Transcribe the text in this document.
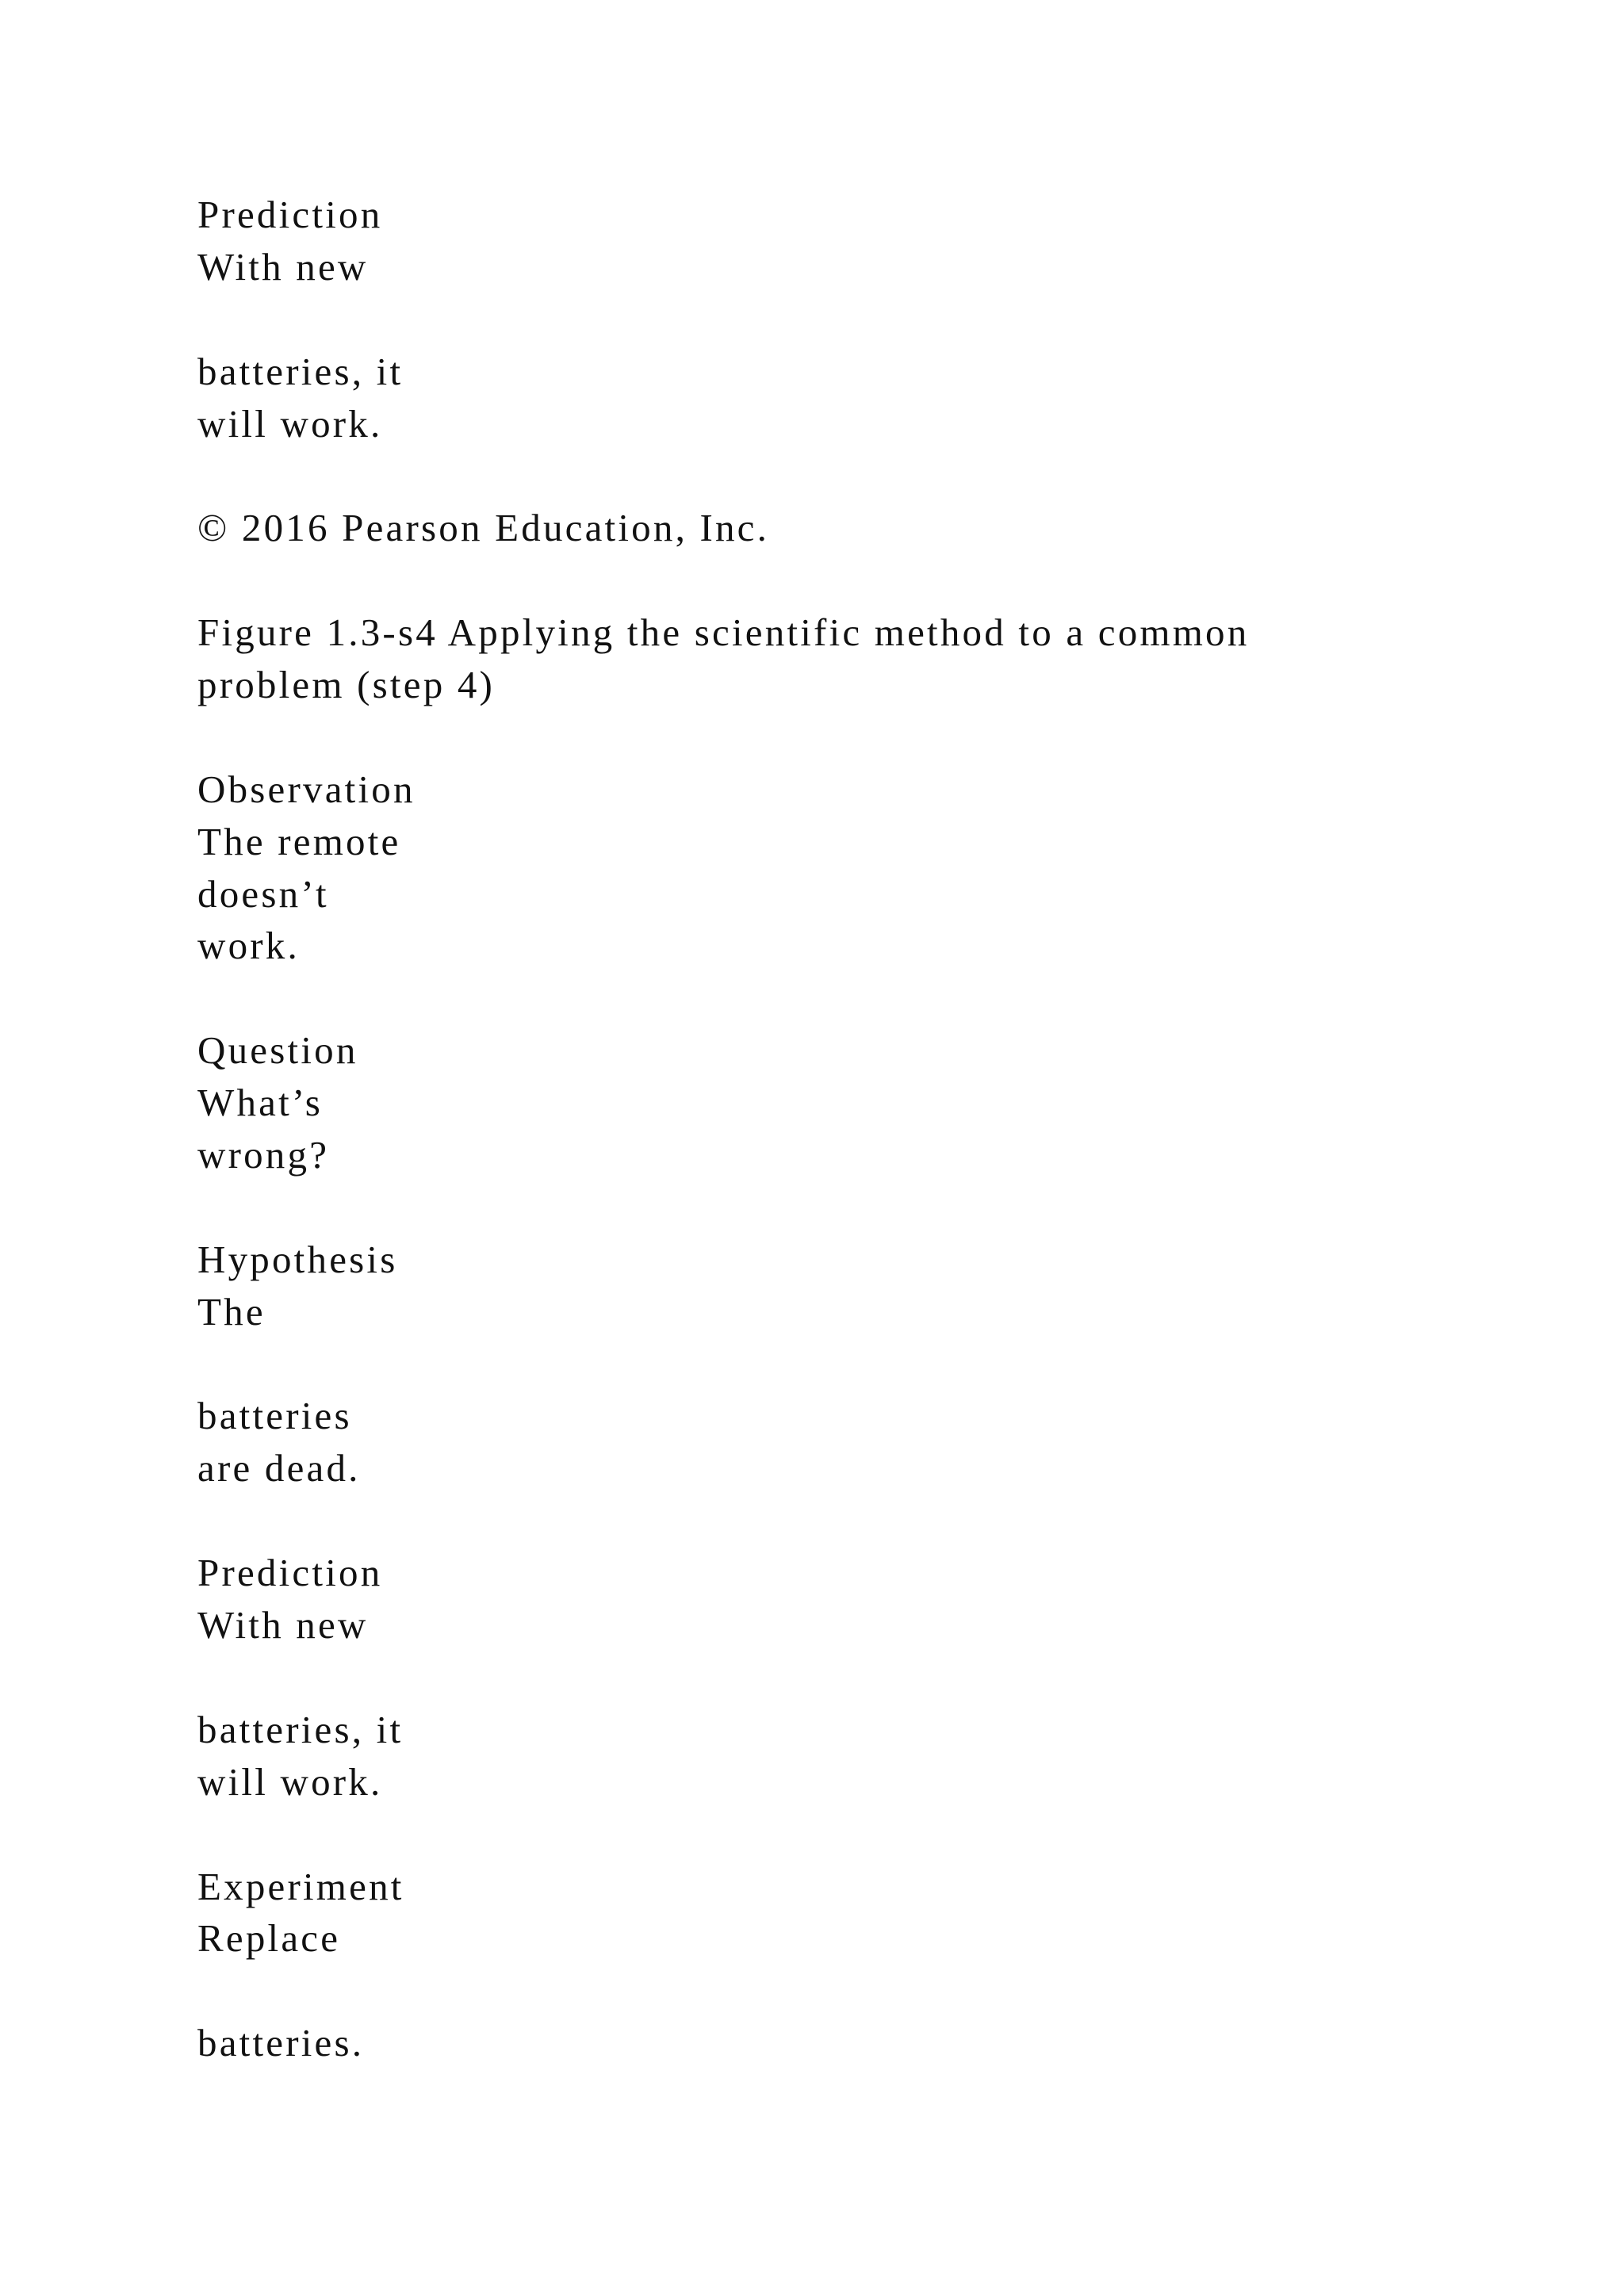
Prediction
With new
batteries, it
will work.
© 2016 Pearson Education, Inc.
Figure 1.3-s4 Applying the scientific method to a common
problem (step 4)
Observation
The remote
doesn’t
work.
Question
What’s
wrong?
Hypothesis
The
batteries
are dead.
Prediction
With new
batteries, it
will work.
Experiment
Replace
batteries.
